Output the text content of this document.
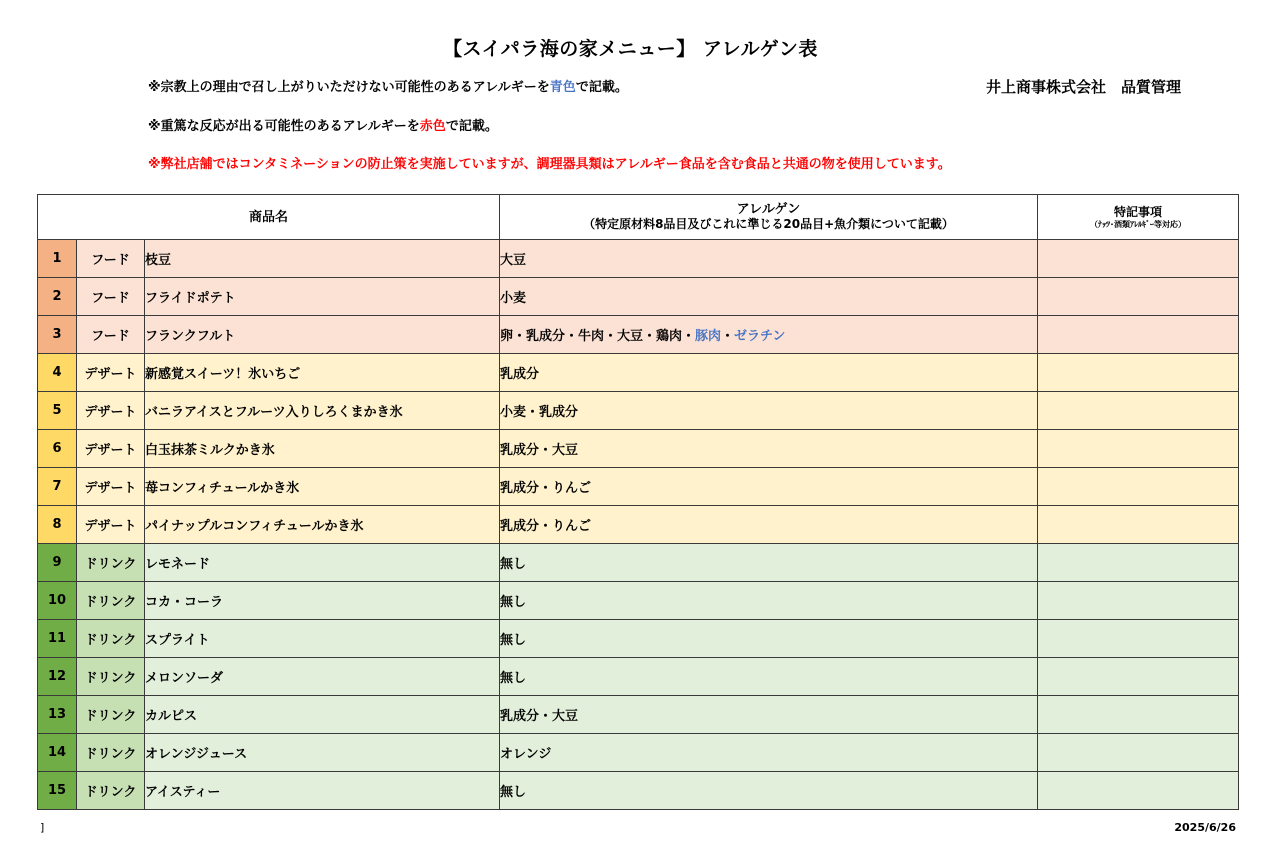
【スイパラ海の家メニュー】 アレルゲン表
※宗教上の理由で召し上がりいただけない可能性のあるアレルギーを青色で記載。
※重篤な反応が出る可能性のあるアレルギーを赤色で記載。
※弊社店舗ではコンタミネーションの防止策を実施していますが、調理器具類はアレルギー食品を含む食品と共通の物を使用しています。
井上商事株式会社　品質管理
商品名			アレルゲン
（特定原材料8品目及びこれに準じる20品目+魚介類について記載）	特記事項
（ﾅｯﾂ･酒類ｱﾚﾙｷﾞｰ等対応）

1	フード	枝豆	大豆	
2	フード	フライドポテト	小麦	
3	フード	フランクフルト	卵・乳成分・牛肉・大豆・鶏肉・豚肉・ゼラチン	
4	デザート	新感覚スイーツ！氷いちご	乳成分	
5	デザート	バニラアイスとフルーツ入りしろくまかき氷	小麦・乳成分	
6	デザート	白玉抹茶ミルクかき氷	乳成分・大豆	
7	デザート	苺コンフィチュールかき氷	乳成分・りんご	
8	デザート	パイナップルコンフィチュールかき氷	乳成分・りんご	
9	ドリンク	レモネード	無し	
10	ドリンク	コカ・コーラ	無し	
11	ドリンク	スプライト	無し	
12	ドリンク	メロンソーダ	無し	
13	ドリンク	カルピス	乳成分・大豆	
14	ドリンク	オレンジジュース	オレンジ	
15	ドリンク	アイスティー	無し	
]	2025/6/26
